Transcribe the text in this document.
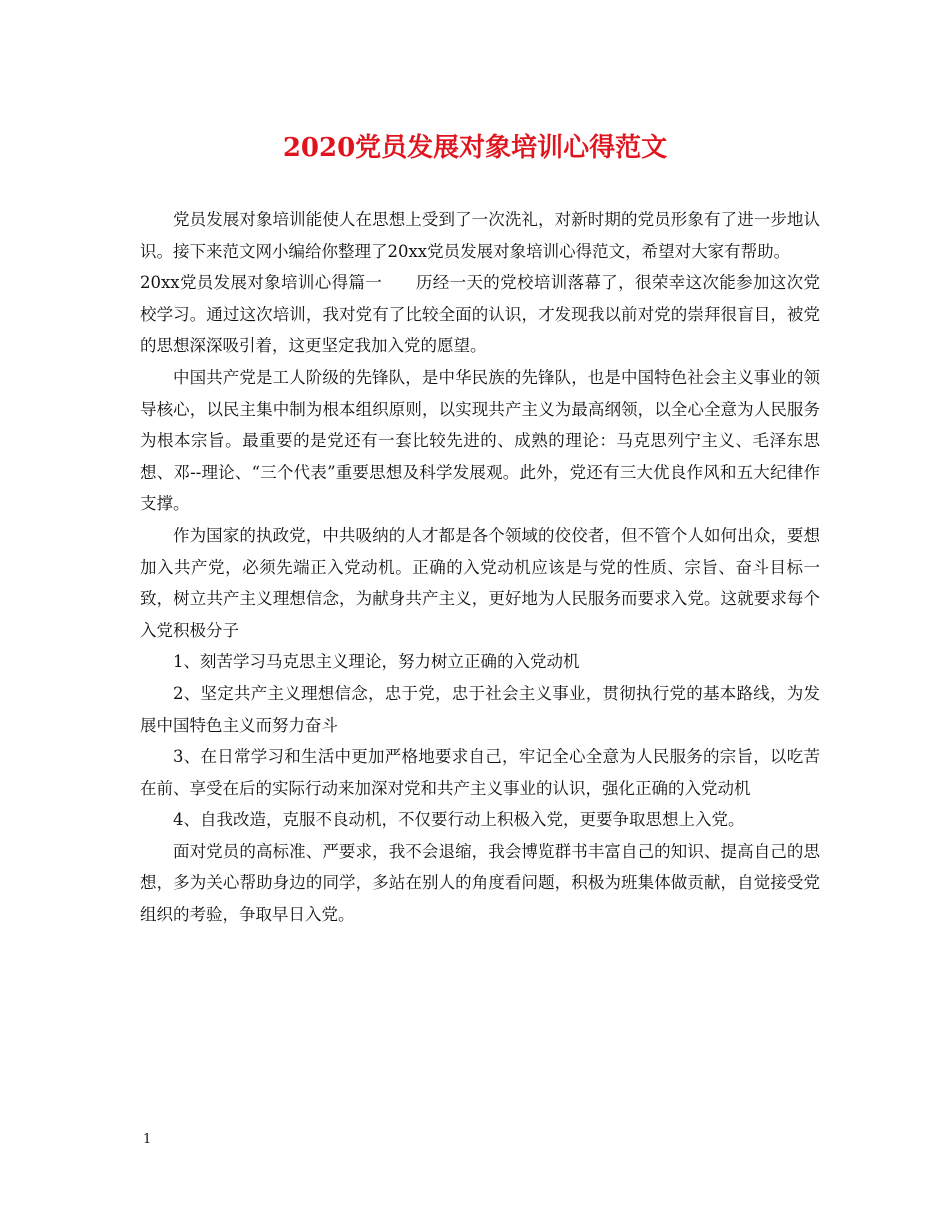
2020党员发展对象培训心得范文

党员发展对象培训能使人在思想上受到了一次洗礼，对新时期的党员形象有了进一步地认识。接下来范文网小编给你整理了20xx党员发展对象培训心得范文，希望对大家有帮助。

20xx党员发展对象培训心得篇一　　历经一天的党校培训落幕了，很荣幸这次能参加这次党校学习。通过这次培训，我对党有了比较全面的认识，才发现我以前对党的崇拜很盲目，被党的思想深深吸引着，这更坚定我加入党的愿望。

中国共产党是工人阶级的先锋队，是中华民族的先锋队，也是中国特色社会主义事业的领导核心，以民主集中制为根本组织原则，以实现共产主义为最高纲领，以全心全意为人民服务为根本宗旨。最重要的是党还有一套比较先进的、成熟的理论：马克思列宁主义、毛泽东思想、邓--理论、“三个代表”重要思想及科学发展观。此外，党还有三大优良作风和五大纪律作支撑。

作为国家的执政党，中共吸纳的人才都是各个领域的佼佼者，但不管个人如何出众，要想加入共产党，必须先端正入党动机。正确的入党动机应该是与党的性质、宗旨、奋斗目标一致，树立共产主义理想信念，为献身共产主义，更好地为人民服务而要求入党。这就要求每个入党积极分子

1、刻苦学习马克思主义理论，努力树立正确的入党动机

2、坚定共产主义理想信念，忠于党，忠于社会主义事业，贯彻执行党的基本路线，为发展中国特色主义而努力奋斗

3、在日常学习和生活中更加严格地要求自己，牢记全心全意为人民服务的宗旨，以吃苦在前、享受在后的实际行动来加深对党和共产主义事业的认识，强化正确的入党动机

4、自我改造，克服不良动机，不仅要行动上积极入党，更要争取思想上入党。

面对党员的高标准、严要求，我不会退缩，我会博览群书丰富自己的知识、提高自己的思想，多为关心帮助身边的同学，多站在别人的角度看问题，积极为班集体做贡献，自觉接受党组织的考验，争取早日入党。

1
